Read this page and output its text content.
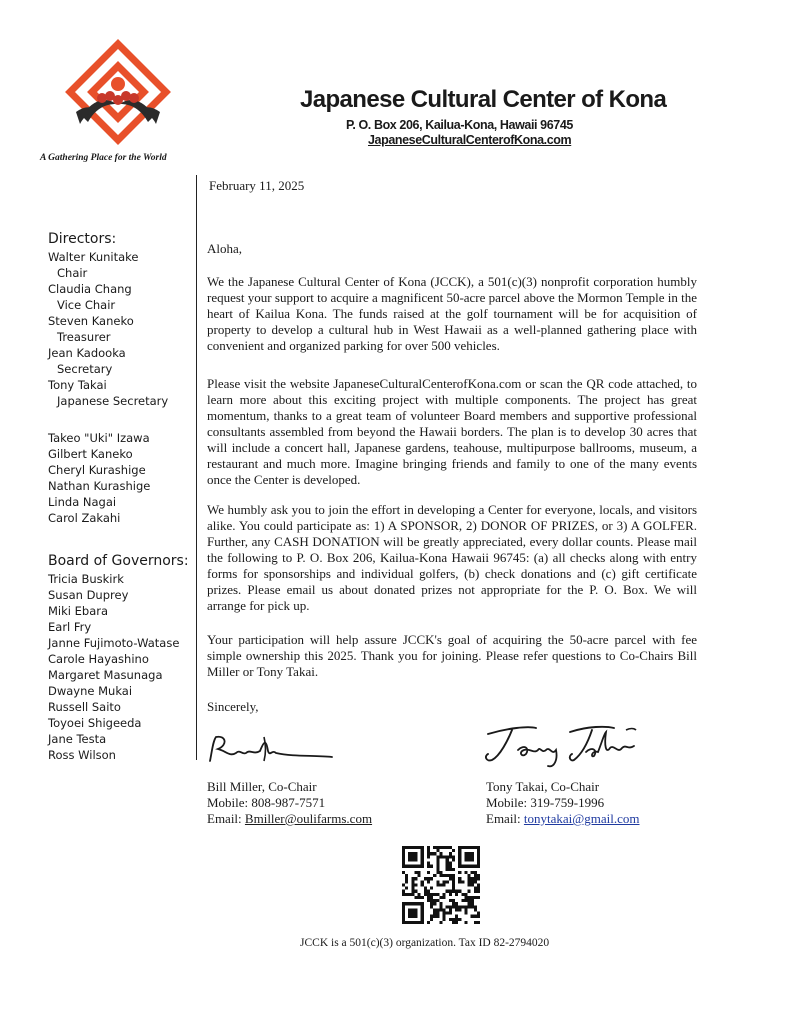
A Gathering Place for the World
Japanese Cultural Center of Kona
P. O. Box 206, Kailua-Kona, Hawaii 96745
JapaneseCulturalCenterofKona.com
Directors:
Walter Kunitake
Chair
Claudia Chang
Vice Chair
Steven Kaneko
Treasurer
Jean Kadooka
Secretary
Tony Takai
Japanese Secretary
Takeo "Uki" Izawa
Gilbert Kaneko
Cheryl Kurashige
Nathan Kurashige
Linda Nagai
Carol Zakahi
Board of Governors:
Tricia Buskirk
Susan Duprey
Miki Ebara
Earl Fry
Janne Fujimoto-Watase
Carole Hayashino
Margaret Masunaga
Dwayne Mukai
Russell Saito
Toyoei Shigeeda
Jane Testa
Ross Wilson
February 11, 2025
Aloha,
We the Japanese Cultural Center of Kona (JCCK), a 501(c)(3) nonprofit corporation humbly request your support to acquire a magnificent 50-acre parcel above the Mormon Temple in the heart of Kailua Kona. The funds raised at the golf tournament will be for acquisition of property to develop a cultural hub in West Hawaii as a well-planned gathering place with convenient and organized parking for over 500 vehicles.
Please visit the website JapaneseCulturalCenterofKona.com or scan the QR code attached, to learn more about this exciting project with multiple components. The project has great momentum, thanks to a great team of volunteer Board members and supportive professional consultants assembled from beyond the Hawaii borders. The plan is to develop 30 acres that will include a concert hall, Japanese gardens, teahouse, multipurpose ballrooms, museum, a restaurant and much more. Imagine bringing friends and family to one of the many events once the Center is developed.
We humbly ask you to join the effort in developing a Center for everyone, locals, and visitors alike. You could participate as: 1) A SPONSOR, 2) DONOR OF PRIZES, or 3) A GOLFER. Further, any CASH DONATION will be greatly appreciated, every dollar counts. Please mail the following to P. O. Box 206, Kailua-Kona Hawaii 96745: (a) all checks along with entry forms for sponsorships and individual golfers, (b) check donations and (c) gift certificate prizes. Please email us about donated prizes not appropriate for the P. O. Box. We will arrange for pick up.
Your participation will help assure JCCK's goal of acquiring the 50-acre parcel with fee simple ownership this 2025. Thank you for joining. Please refer questions to Co-Chairs Bill Miller or Tony Takai.
Sincerely,
Bill Miller, Co-Chair
Mobile: 808-987-7571
Email: Bmiller@oulifarms.com
Tony Takai, Co-Chair
Mobile: 319-759-1996
Email: tonytakai@gmail.com
JCCK is a 501(c)(3) organization. Tax ID 82-2794020
